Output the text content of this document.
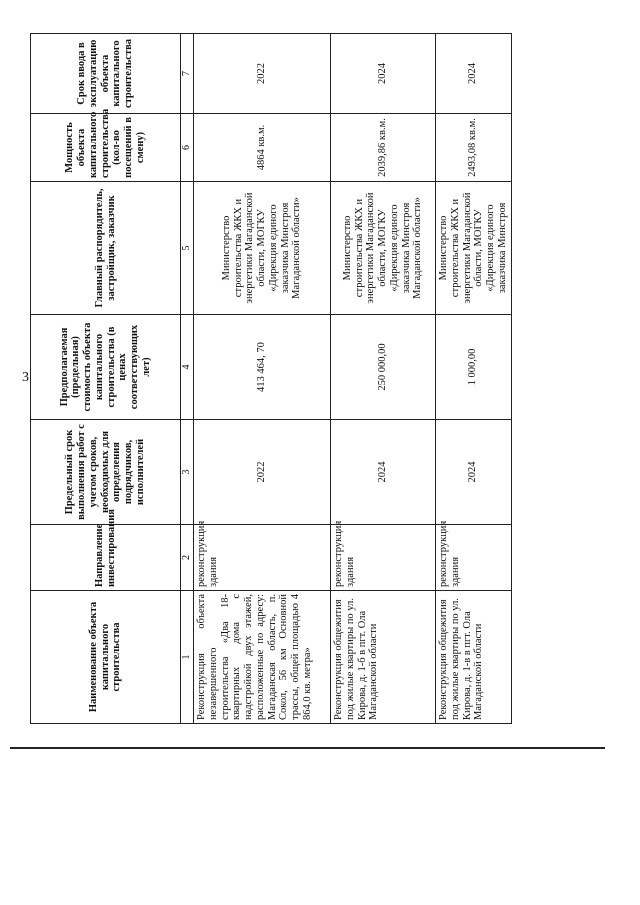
3
Наименование объекта капитального строительства	Направление инвестирования	Предельный срок выполнения работ с учетом сроков, необходимых для определения подрядчиков, исполнителей	Предполагаемая (предельная) стоимость объекта капитального строительства (в ценах соответствующих лет)	Главный распорядитель, застройщик, заказчик	Мощность объекта капитального строительства (кол-во посещений в смену)	Срок ввода в эксплуатацию объекта капитального строительства
1	2	3	4	5	6	7
Реконструкция объекта незавершенного строительства «Два 18-квартирных дома с надстройкой двух этажей, расположенные по адресу: Магаданская область, п. Сокол, 56 км Основной трассы, общей площадью 4 864,0 кв. метра»	реконструкция здания	2022	413 464, 70	Министерство строительства ЖКХ и энергетики Магаданской области, МОГКУ «Дирекция единого заказчика Минстроя Магаданской области»	4864 кв.м.	2022
Реконструкция общежития под жилые квартиры по ул. Кирова, д. 1-б в пгт. Ола Магаданской области	реконструкция здания	2024	250 000,00	Министерство строительства ЖКХ и энергетики Магаданской области, МОГКУ «Дирекция единого заказчика Минстроя Магаданской области»	2039,86 кв.м.	2024
Реконструкция общежития под жилые квартиры по ул. Кирова, д. 1-в в пгт. Ола Магаданской области	реконструкция здания	2024	1 000,00	Министерство строительства ЖКХ и энергетики Магаданской области, МОГКУ «Дирекция единого заказчика Минстроя	2493,08 кв.м.	2024
